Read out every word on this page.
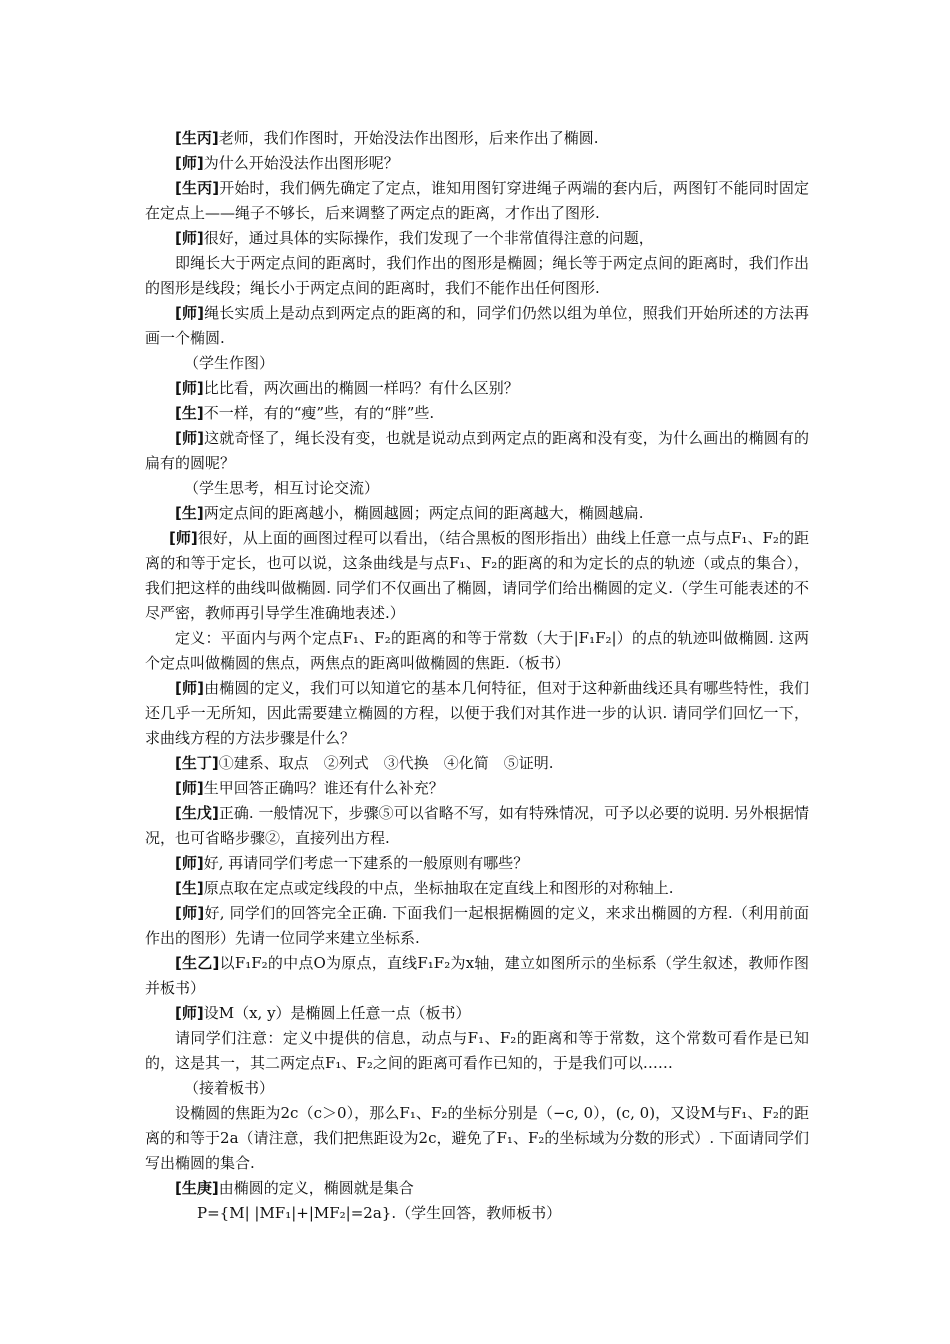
[生丙]老师，我们作图时，开始没法作出图形，后来作出了椭圆.

[师]为什么开始没法作出图形呢？

[生丙]开始时，我们俩先确定了定点，谁知用图钉穿进绳子两端的套内后，两图钉不能同时固定在定点上——绳子不够长，后来调整了两定点的距离，才作出了图形.

[师]很好，通过具体的实际操作，我们发现了一个非常值得注意的问题，

即绳长大于两定点间的距离时，我们作出的图形是椭圆；绳长等于两定点间的距离时，我们作出的图形是线段；绳长小于两定点间的距离时，我们不能作出任何图形.

[师]绳长实质上是动点到两定点的距离的和，同学们仍然以组为单位，照我们开始所述的方法再画一个椭圆.

（学生作图）

[师]比比看，两次画出的椭圆一样吗？有什么区别？

[生]不一样，有的“瘦”些，有的“胖”些.

[师]这就奇怪了，绳长没有变，也就是说动点到两定点的距离和没有变，为什么画出的椭圆有的扁有的圆呢？

（学生思考，相互讨论交流）

[生]两定点间的距离越小，椭圆越圆；两定点间的距离越大，椭圆越扁.

[师]很好，从上面的画图过程可以看出，（结合黑板的图形指出）曲线上任意一点与点F₁、F₂的距离的和等于定长，也可以说，这条曲线是与点F₁、F₂的距离的和为定长的点的轨迹（或点的集合），我们把这样的曲线叫做椭圆. 同学们不仅画出了椭圆，请同学们给出椭圆的定义.（学生可能表述的不尽严密，教师再引导学生准确地表述.）

定义：平面内与两个定点F₁、F₂的距离的和等于常数（大于|F₁F₂|）的点的轨迹叫做椭圆. 这两个定点叫做椭圆的焦点，两焦点的距离叫做椭圆的焦距.（板书）

[师]由椭圆的定义，我们可以知道它的基本几何特征，但对于这种新曲线还具有哪些特性，我们还几乎一无所知，因此需要建立椭圆的方程，以便于我们对其作进一步的认识. 请同学们回忆一下，求曲线方程的方法步骤是什么？

[生丁]①建系、取点　②列式　③代换　④化简　⑤证明.

[师]生甲回答正确吗？谁还有什么补充？

[生戊]正确. 一般情况下，步骤⑤可以省略不写，如有特殊情况，可予以必要的说明. 另外根据情况，也可省略步骤②，直接列出方程.

[师]好, 再请同学们考虑一下建系的一般原则有哪些？

[生]原点取在定点或定线段的中点，坐标抽取在定直线上和图形的对称轴上.

[师]好, 同学们的回答完全正确. 下面我们一起根据椭圆的定义，来求出椭圆的方程.（利用前面作出的图形）先请一位同学来建立坐标系.

[生乙]以F₁F₂的中点O为原点，直线F₁F₂为x轴，建立如图所示的坐标系（学生叙述，教师作图并板书）

[师]设M（x, y）是椭圆上任意一点（板书）

请同学们注意：定义中提供的信息，动点与F₁、F₂的距离和等于常数，这个常数可看作是已知的，这是其一，其二两定点F₁、F₂之间的距离可看作已知的，于是我们可以……

（接着板书）

设椭圆的焦距为2c（c＞0），那么F₁、F₂的坐标分别是（−c, 0），(c, 0)，又设M与F₁、F₂的距离的和等于2a（请注意，我们把焦距设为2c，避免了F₁、F₂的坐标域为分数的形式）. 下面请同学们写出椭圆的集合.

[生庚]由椭圆的定义，椭圆就是集合

P={M| |MF₁|+|MF₂|=2a}.（学生回答，教师板书）
